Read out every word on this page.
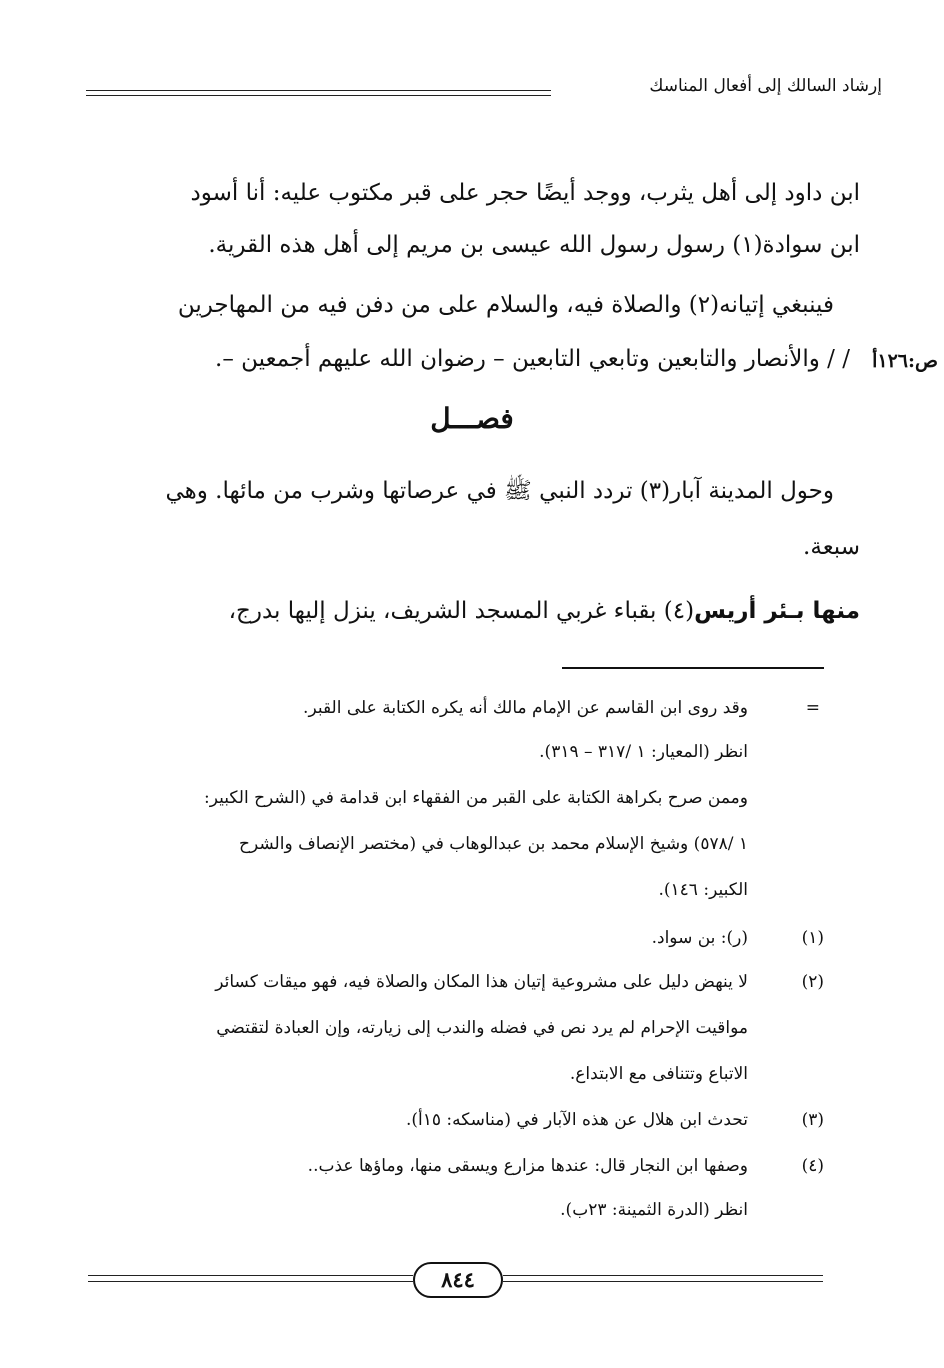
إرشاد السالك إلى أفعال المناسك
ابن داود إلى أهل يثرب، ووجد أيضًا حجر على قبر مكتوب عليه: أنا أسود
ابن سوادة(١) رسول رسول الله عيسى بن مريم إلى أهل هذه القرية.
فينبغي إتيانه(٢) والصلاة فيه، والسلام على من دفن فيه من المهاجرين
/ / والأنصار والتابعين وتابعي التابعين – رضوان الله عليهم أجمعين –. ص:١٢٦أ
فصـــل
وحول المدينة آبار(٣) تردد النبي ﷺ في عرصاتها وشرب من مائها. وهي
سبعة.
منها بـئر أريس(٤) بقباء غربي المسجد الشريف، ينزل إليها بدرج،
=
وقد روى ابن القاسم عن الإمام مالك أنه يكره الكتابة على القبر.
انظر (المعيار: ١ /٣١٧ – ٣١٩).
وممن صرح بكراهة الكتابة على القبر من الفقهاء ابن قدامة في (الشرح الكبير:
١ /٥٧٨) وشيخ الإسلام محمد بن عبدالوهاب في (مختصر الإنصاف والشرح
الكبير: ١٤٦).
(١)
(ر): بن سواد.
(٢)
لا ينهض دليل على مشروعية إتيان هذا المكان والصلاة فيه، فهو ميقات كسائر
مواقيت الإحرام لم يرد نص في فضله والندب إلى زيارته، وإن العبادة لتقتضي
الاتباع وتتنافى مع الابتداع.
(٣)
تحدث ابن هلال عن هذه الآبار في (مناسكه: ١٥أ).
(٤)
وصفها ابن النجار قال: عندها مزارع ويسقى منها، وماؤها عذب..
انظر (الدرة الثمينة: ٢٣ب).
٨٤٤
